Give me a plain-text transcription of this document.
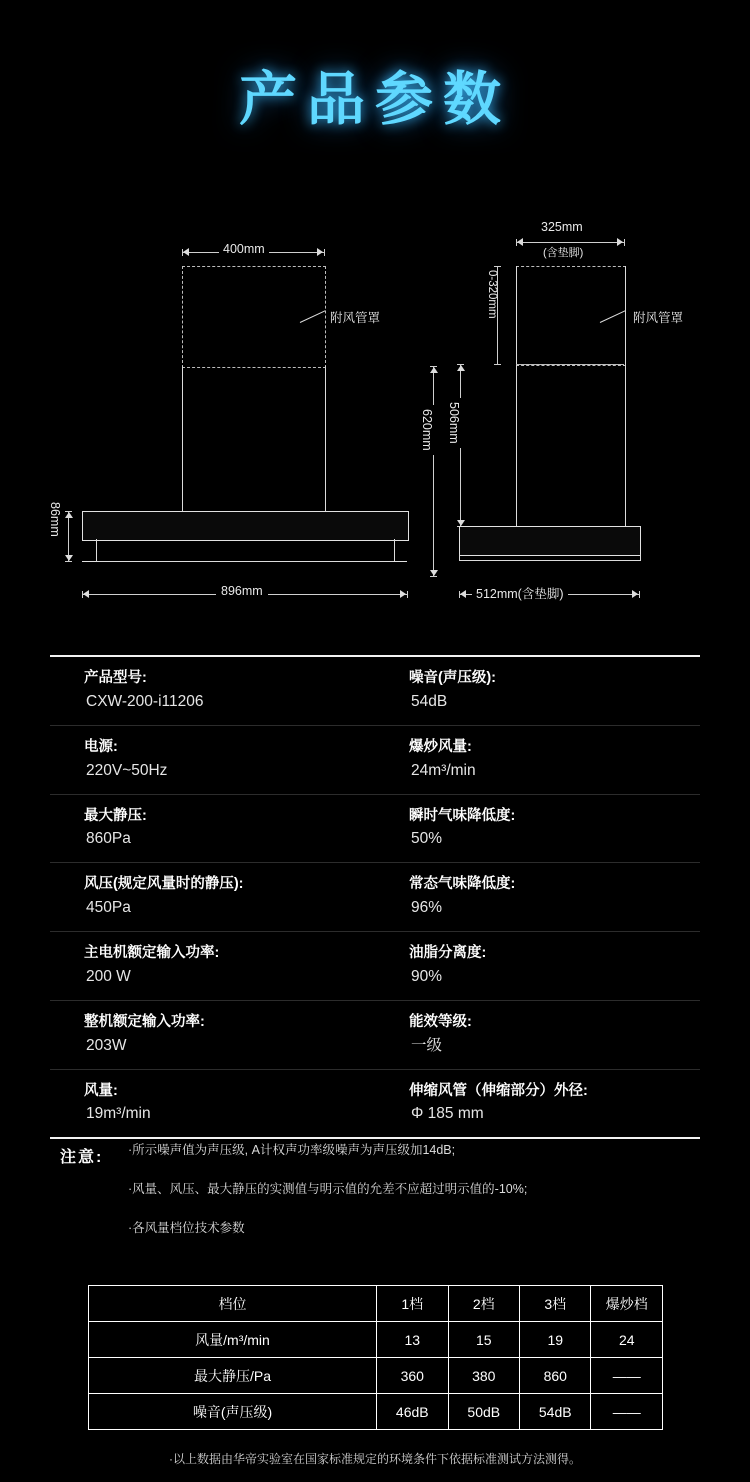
产品参数
400mm
附风管罩
86mm
896mm
620mm
325mm
(含垫脚)
0-320mm	附风管罩
506mm
512mm(含垫脚)
产品型号:
CXW-200-i11206

噪音(声压级):
54dB

电源:
220V~50Hz

爆炒风量:
24m³/min

最大静压:
860Pa

瞬时气味降低度:
50%

风压(规定风量时的静压):
450Pa

常态气味降低度:
96%

主电机额定输入功率:
200 W

油脂分离度:
90%

整机额定输入功率:
203W

能效等级:
一级

风量:
19m³/min

伸缩风管（伸缩部分）外径:
Φ 185 mm
注意: ·所示噪声值为声压级, A计权声功率级噪声为声压级加14dB;
·风量、风压、最大静压的实测值与明示值的允差不应超过明示值的-10%;
·各风量档位技术参数
档位	1档	2档	3档	爆炒档
风量/m³/min	13	15	19	24
最大静压/Pa	360	380	860	——
噪音(声压级)	46dB	50dB	54dB	——
·以上数据由华帝实验室在国家标准规定的环境条件下依据标准测试方法测得。
